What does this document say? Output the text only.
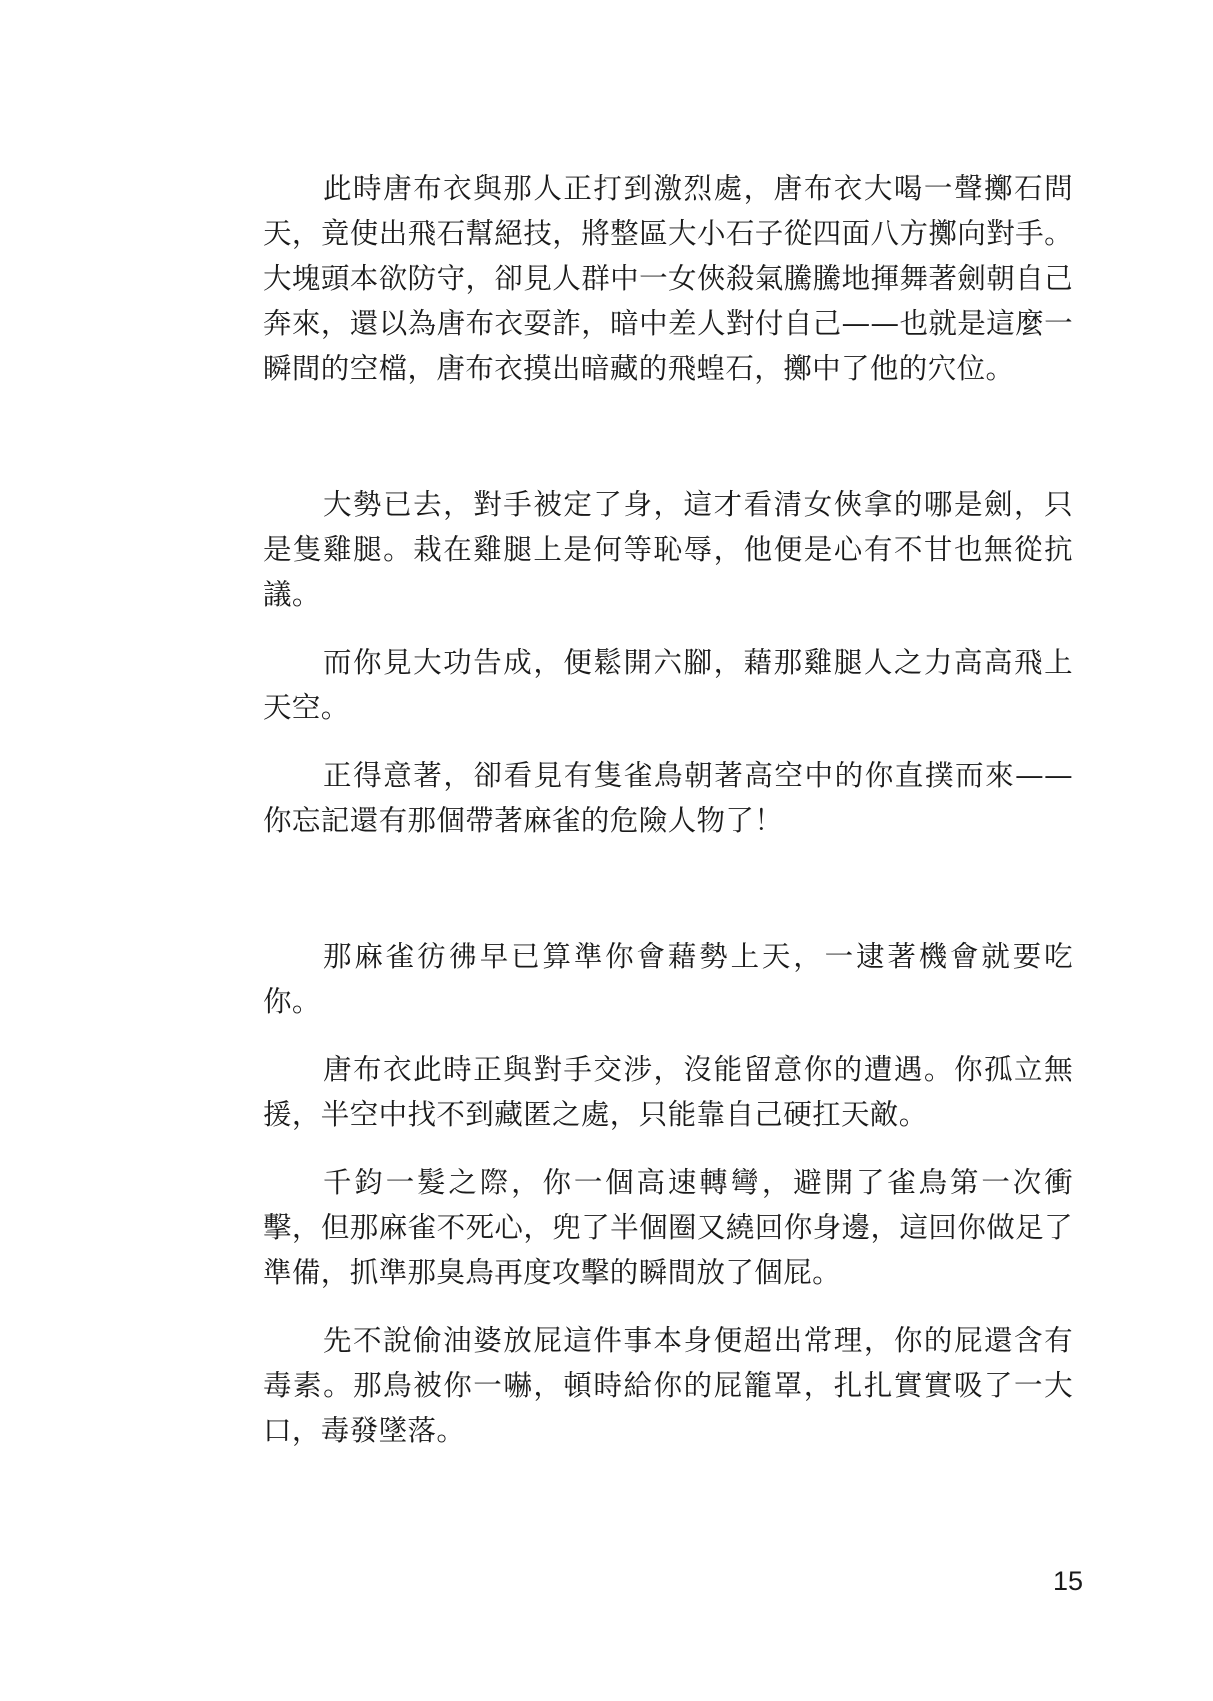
此時唐布衣與那人正打到激烈處，唐布衣大喝一聲擲石問天，竟使出飛石幫絕技，將整區大小石子從四面八方擲向對手。大塊頭本欲防守，卻見人群中一女俠殺氣騰騰地揮舞著劍朝自己奔來，還以為唐布衣耍詐，暗中差人對付自己——也就是這麼一瞬間的空檔，唐布衣摸出暗藏的飛蝗石，擲中了他的穴位。

大勢已去，對手被定了身，這才看清女俠拿的哪是劍，只是隻雞腿。栽在雞腿上是何等恥辱，他便是心有不甘也無從抗議。

而你見大功告成，便鬆開六腳，藉那雞腿人之力高高飛上天空。

正得意著，卻看見有隻雀鳥朝著高空中的你直撲而來——你忘記還有那個帶著麻雀的危險人物了！

那麻雀彷彿早已算準你會藉勢上天，一逮著機會就要吃你。

唐布衣此時正與對手交涉，沒能留意你的遭遇。你孤立無援，半空中找不到藏匿之處，只能靠自己硬扛天敵。

千鈞一髮之際，你一個高速轉彎，避開了雀鳥第一次衝擊，但那麻雀不死心，兜了半個圈又繞回你身邊，這回你做足了準備，抓準那臭鳥再度攻擊的瞬間放了個屁。

先不說偷油婆放屁這件事本身便超出常理，你的屁還含有毒素。那鳥被你一嚇，頓時給你的屁籠罩，扎扎實實吸了一大口，毒發墜落。

15
